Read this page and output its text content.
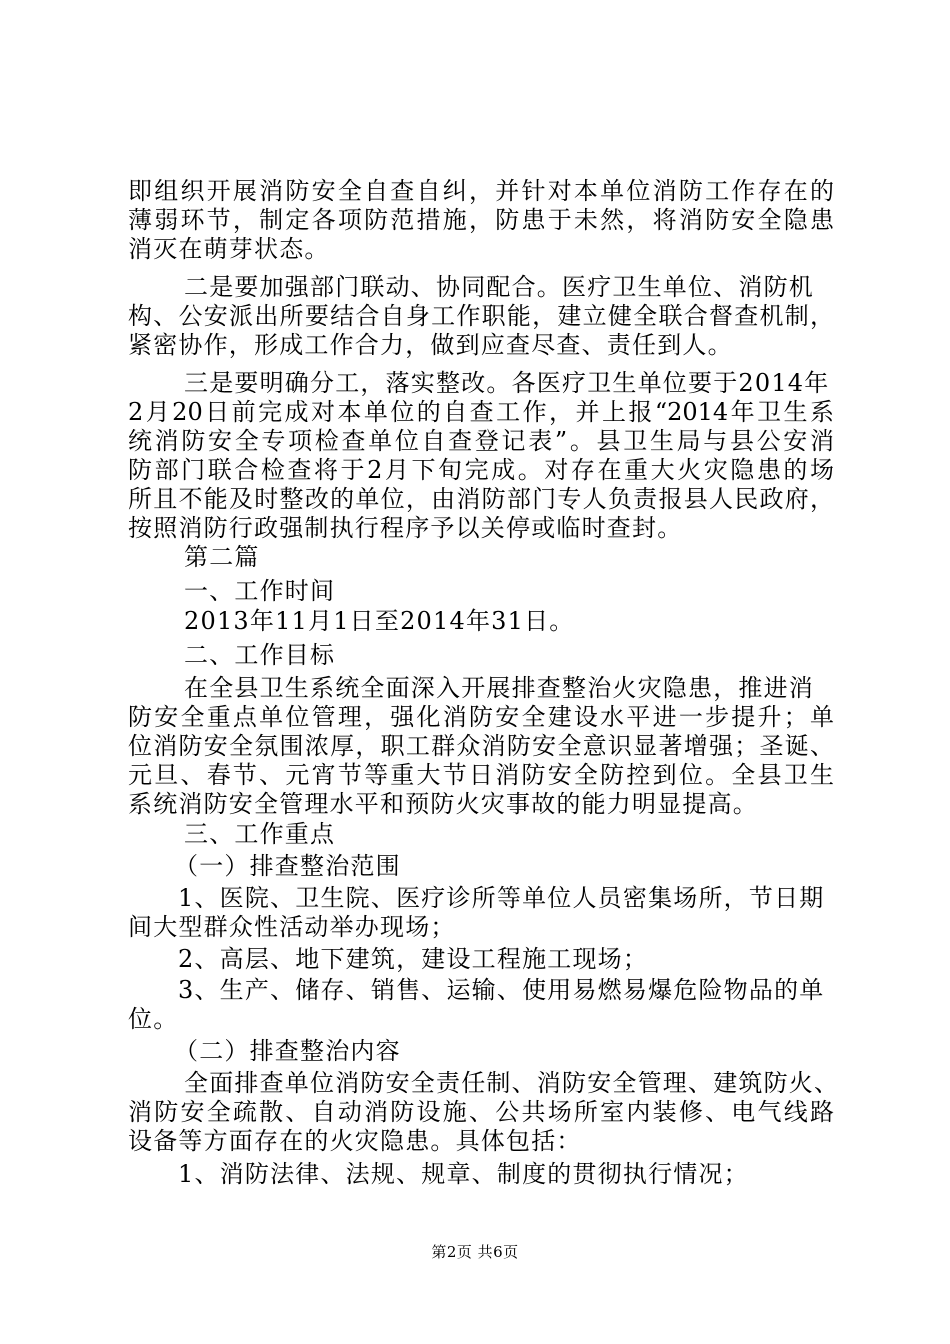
即组织开展消防安全自查自纠，并针对本单位消防工作存在的
薄弱环节，制定各项防范措施，防患于未然，将消防安全隐患
消灭在萌芽状态。
二是要加强部门联动、协同配合。医疗卫生单位、消防机
构、公安派出所要结合自身工作职能，建立健全联合督查机制，
紧密协作，形成工作合力，做到应查尽查、责任到人。
三是要明确分工，落实整改。各医疗卫生单位要于2014年
2月20日前完成对本单位的自查工作，并上报“2014年卫生系
统消防安全专项检查单位自查登记表”。县卫生局与县公安消
防部门联合检查将于2月下旬完成。对存在重大火灾隐患的场
所且不能及时整改的单位，由消防部门专人负责报县人民政府，
按照消防行政强制执行程序予以关停或临时查封。
第二篇
一、工作时间
2013年11月1日至2014年31日。
二、工作目标
在全县卫生系统全面深入开展排查整治火灾隐患，推进消
防安全重点单位管理，强化消防安全建设水平进一步提升；单
位消防安全氛围浓厚，职工群众消防安全意识显著增强；圣诞、
元旦、春节、元宵节等重大节日消防安全防控到位。全县卫生
系统消防安全管理水平和预防火灾事故的能力明显提高。
三、工作重点
（一）排查整治范围
1、医院、卫生院、医疗诊所等单位人员密集场所，节日期
间大型群众性活动举办现场；
2、高层、地下建筑，建设工程施工现场；
3、生产、储存、销售、运输、使用易燃易爆危险物品的单
位。
（二）排查整治内容
全面排查单位消防安全责任制、消防安全管理、建筑防火、
消防安全疏散、自动消防设施、公共场所室内装修、电气线路
设备等方面存在的火灾隐患。具体包括：
1、消防法律、法规、规章、制度的贯彻执行情况；
第2页 共6页
